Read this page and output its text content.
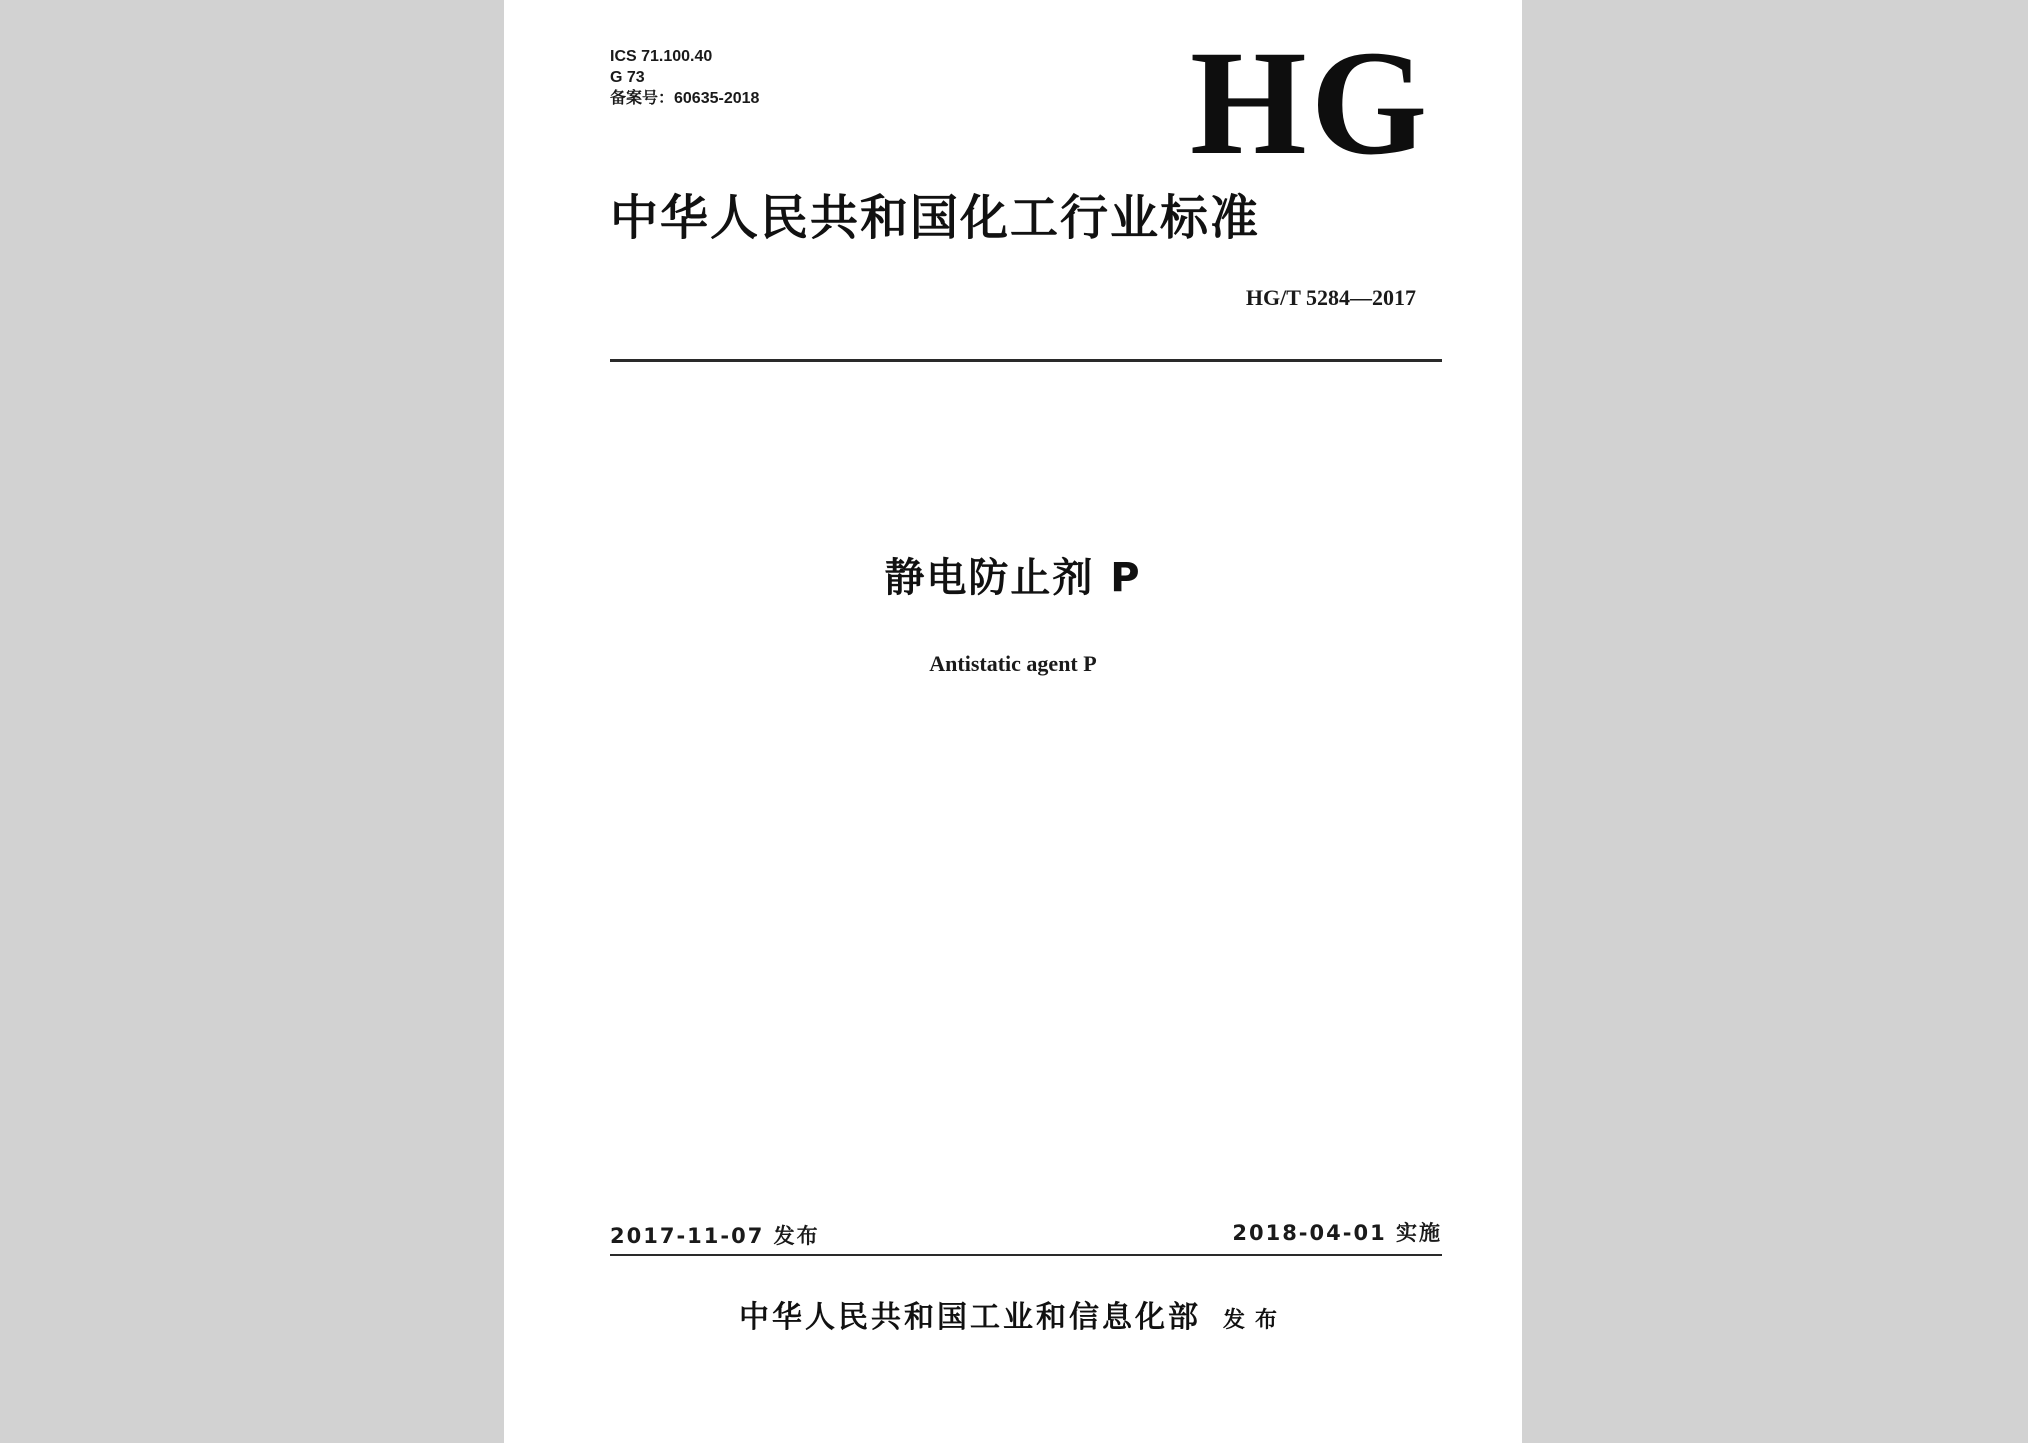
ICS 71.100.40
G 73
备案号：60635-2018	HG
中华人民共和国化工行业标准
HG/T 5284—2017
静电防止剂 P
Antistatic agent P
2017-11-07 发布	2018-04-01 实施
中华人民共和国工业和信息化部 发布
